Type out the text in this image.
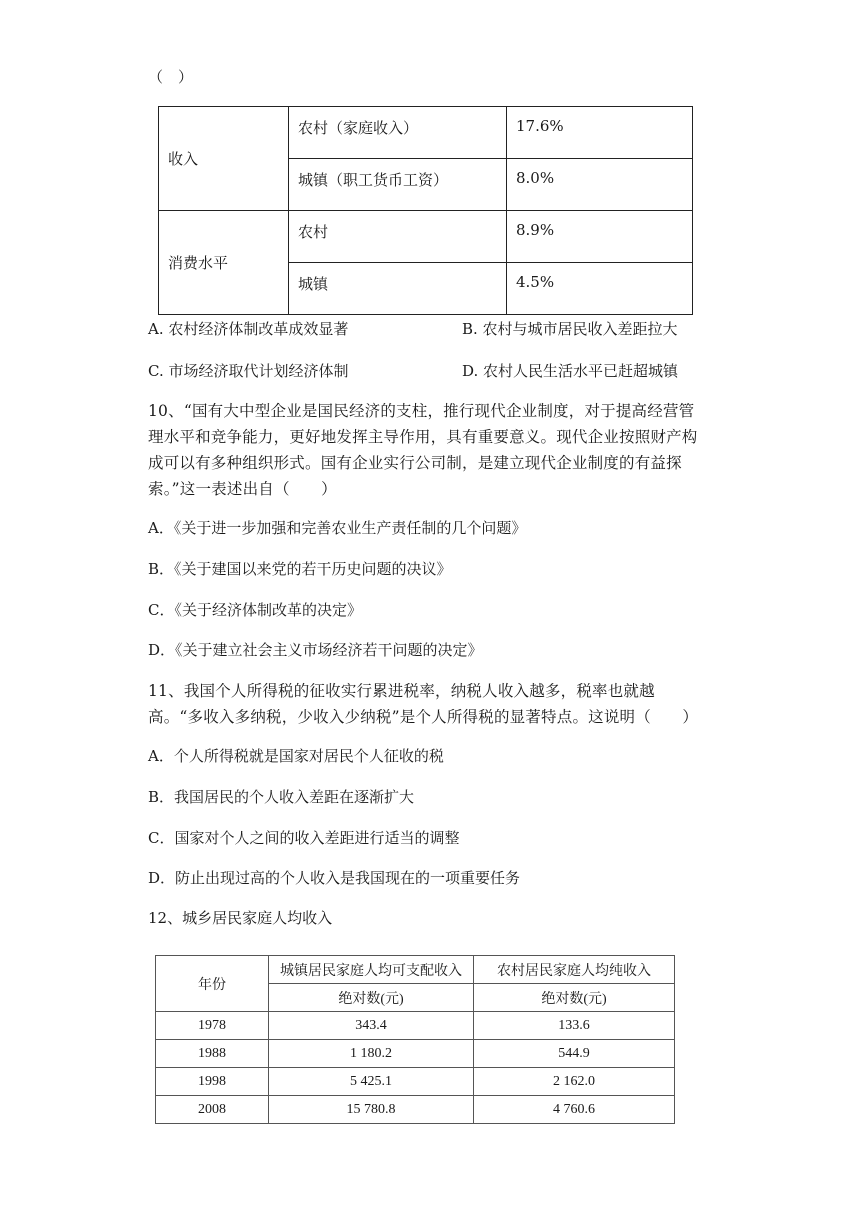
（　）
收入	农村（家庭收入）	17.6%
	城镇（职工货币工资）	8.0%
消费水平	农村	8.9%
	城镇	4.5%
A. 农村经济体制改革成效显著	B. 农村与城市居民收入差距拉大
C. 市场经济取代计划经济体制	D. 农村人民生活水平已赶超城镇
10、“国有大中型企业是国民经济的支柱，推行现代企业制度，对于提高经营管理水平和竞争能力，更好地发挥主导作用，具有重要意义。现代企业按照财产构成可以有多种组织形式。国有企业实行公司制，是建立现代企业制度的有益探索。”这一表述出自（　　）
A．《关于进一步加强和完善农业生产责任制的几个问题》
B．《关于建国以来党的若干历史问题的决议》
C．《关于经济体制改革的决定》
D．《关于建立社会主义市场经济若干问题的决定》
11、我国个人所得税的征收实行累进税率，纳税人收入越多，税率也就越高。“多收入多纳税，少收入少纳税”是个人所得税的显著特点。这说明（　　）
A．个人所得税就是国家对居民个人征收的税
B．我国居民的个人收入差距在逐渐扩大
C．国家对个人之间的收入差距进行适当的调整
D．防止出现过高的个人收入是我国现在的一项重要任务
12、城乡居民家庭人均收入
年份	城镇居民家庭人均可支配收入	农村居民家庭人均纯收入
	绝对数(元)	绝对数(元)
1978	343.4	133.6
1988	1 180.2	544.9
1998	5 425.1	2 162.0
2008	15 780.8	4 760.6
